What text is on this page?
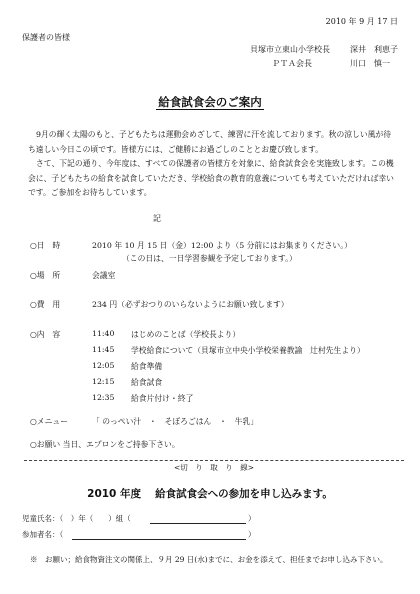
2010 年 9 月 17 日
保護者の皆様
貝塚市立東山小学校長	深井　利恵子
ＰＴＡ会長	川口　慎一
給食試食会のご案内

9月の輝く太陽のもと、子どもたちは運動会めざして、練習に汗を流しております。秋の涼しい風が待ち遠しい今日この頃です。皆様方には、ご健勝にお過ごしのこととお慶び致します。

さて、下記の通り、今年度は、すべての保護者の皆様方を対象に、給食試食会を実施致します。この機会に、子どもたちの給食を試食していただき、学校給食の教育的意義についても考えていただければ幸いです。ご参加をお待ちしています。

記
○日　時	2010 年 10 月 15 日（金）12:00 より（5 分前にはお集まりください。）
（この日は、一日学習参観を予定しております。）
○場　所	会議室
○費　用	234 円（必ずおつりのいらないようにお願い致します）
○内　容	11:40 はじめのことば（学校長より）
11:45 学校給食について（貝塚市立中央小学校栄養教諭　辻村先生より）
12:05 給食準備
12:15 給食試食
12:35 給食片付け・終了
○メニュー	「 のっぺい汁　・　そぼろごはん　・　牛乳」
○お願い 当日、エプロンをご持参下さい。
$^{<切 り 取 り 線>}$
2010 年度　 給食試食会への参加を申し込みます。
児童氏名：（　）年（　　）組（	）
参加者名：（	）
※　お願い；給食物資注文の関係上、９月 29 日(水)までに、お金を添えて、担任までお申し込み下さい。
